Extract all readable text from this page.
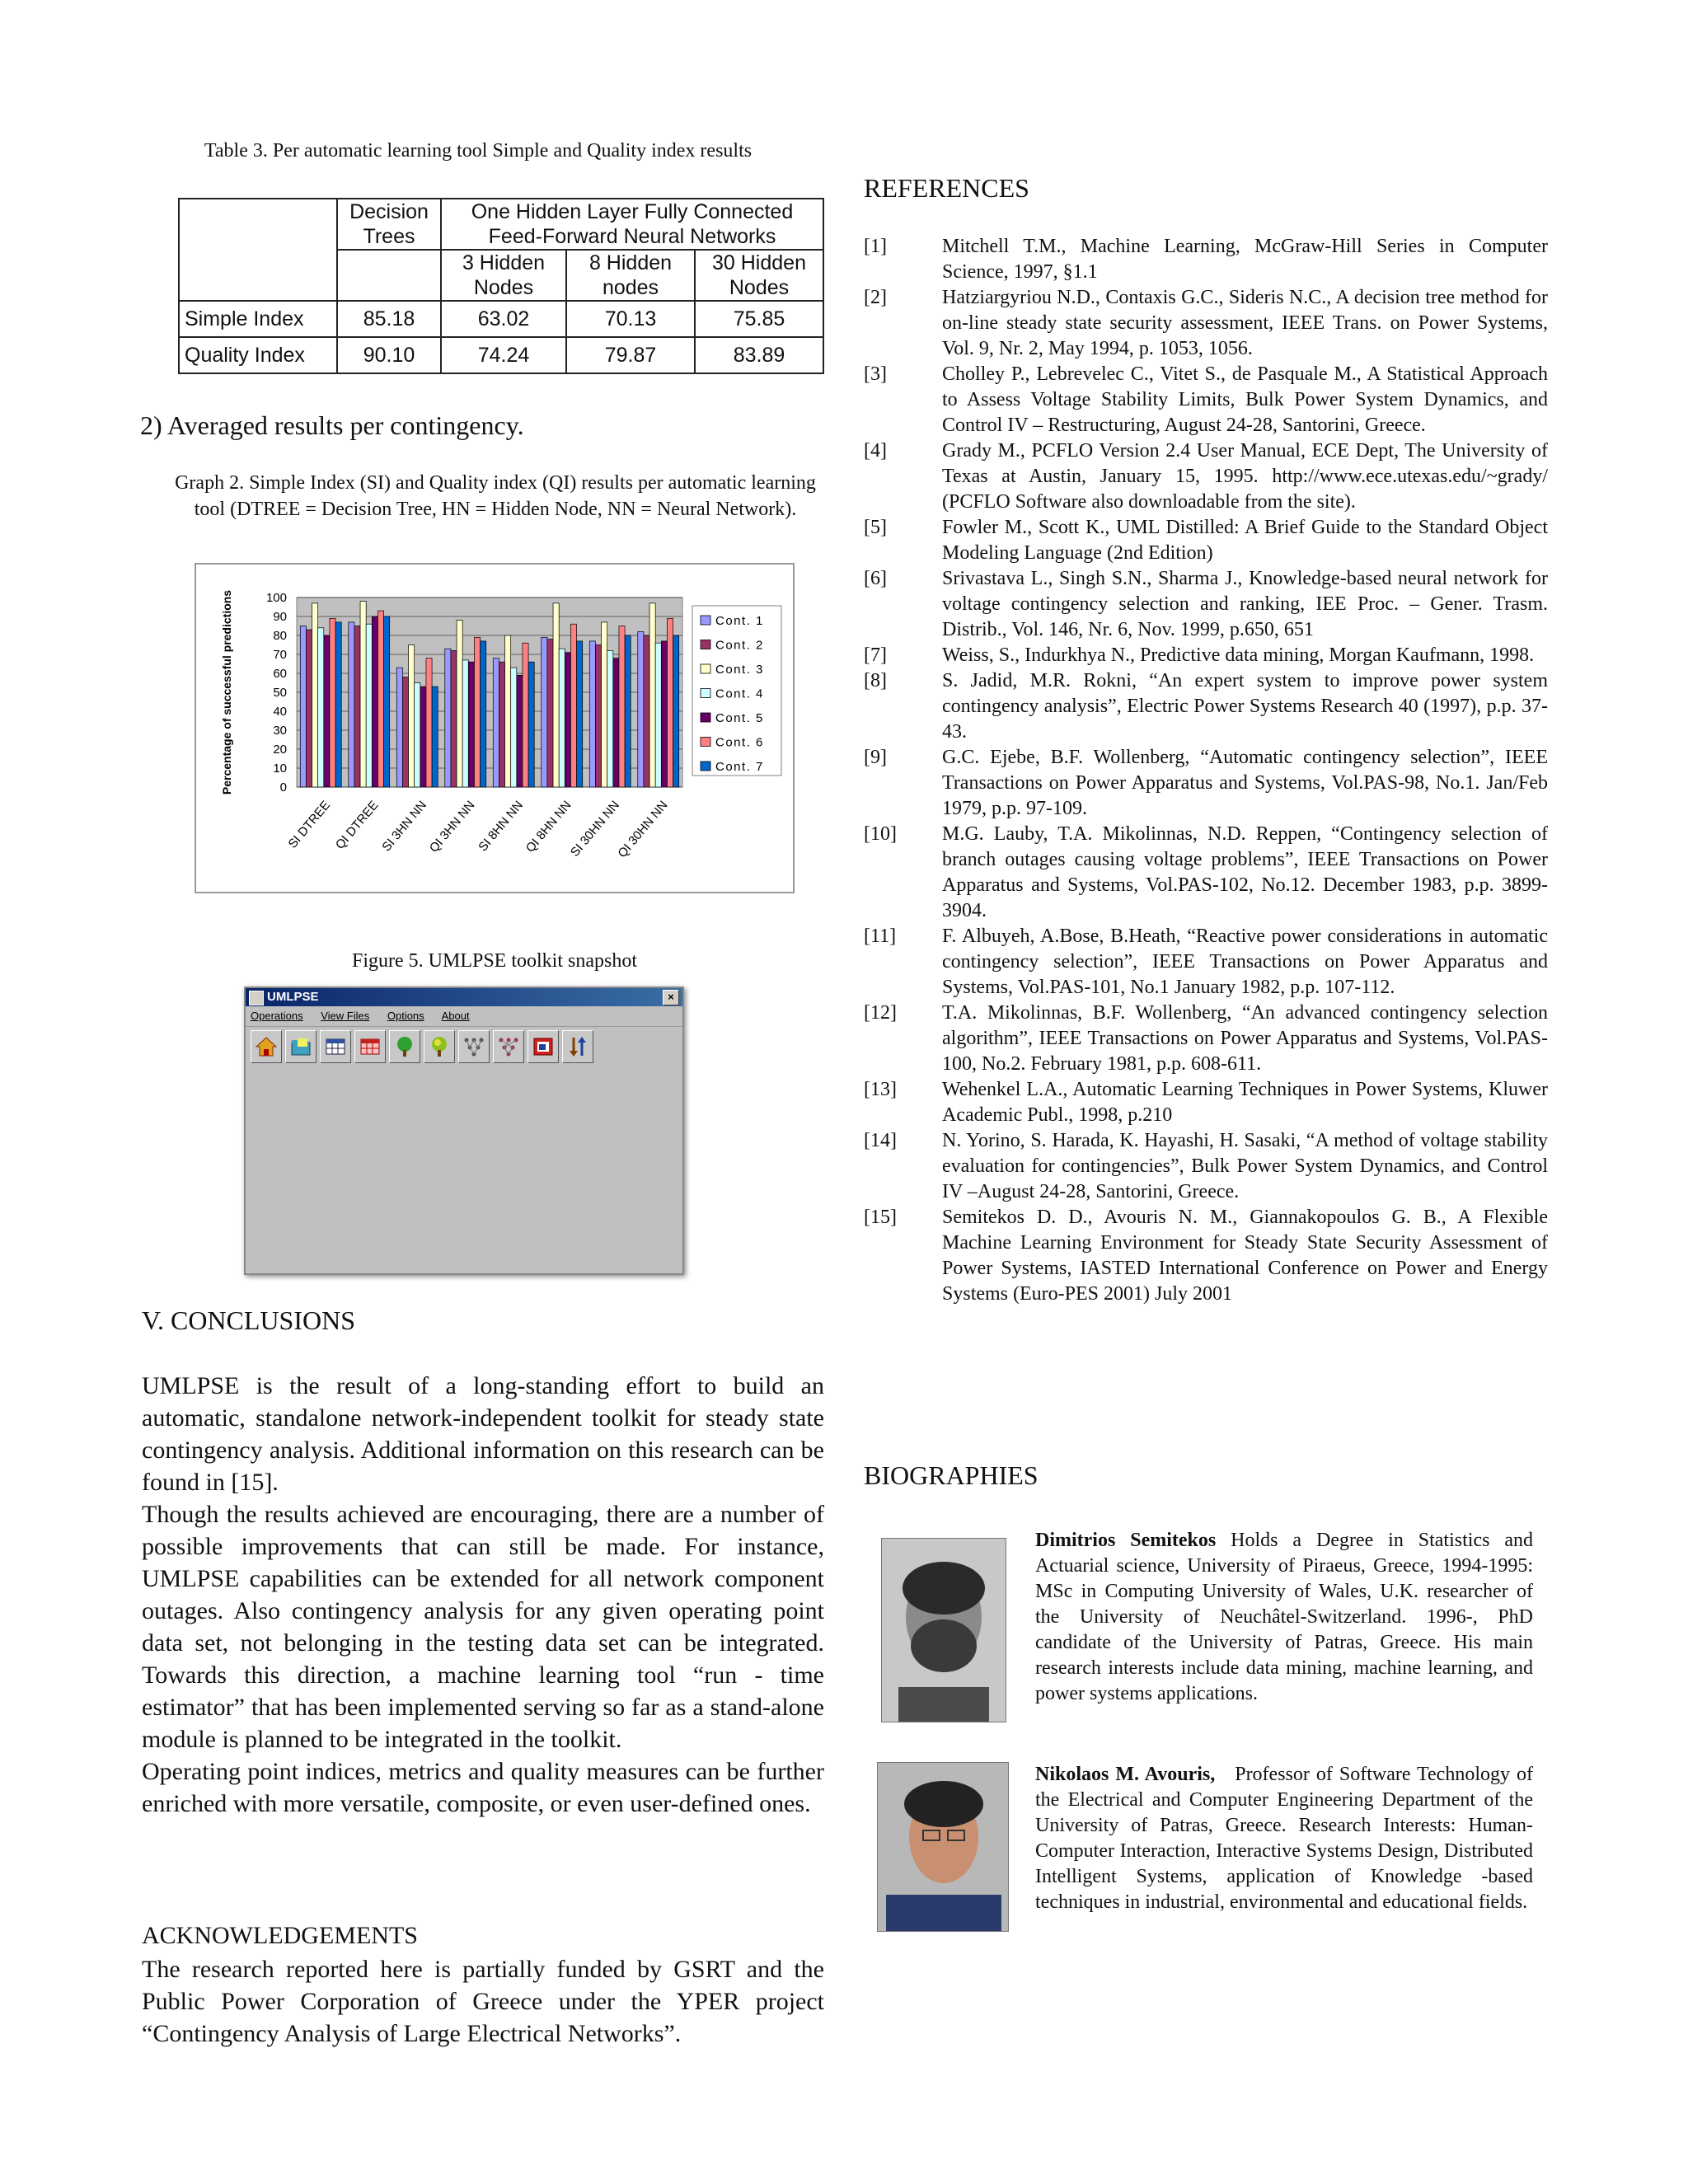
Table 3. Per automatic learning tool Simple and Quality index results
	Decision Trees	One Hidden Layer Fully Connected Feed-Forward Neural Networks		
		3 Hidden Nodes	8 Hidden nodes	30 Hidden Nodes
Simple Index	85.18	63.02	70.13	75.85
Quality Index	90.10	74.24	79.87	83.89
2) Averaged results per contingency.
Graph 2. Simple Index (SI) and Quality index (QI) results per automatic learning tool (DTREE = Decision Tree, HN = Hidden Node, NN = Neural Network).
100
90
80
70
60
50
40
30
20
10
0
Percentage of successful predictions
SI DTREE QI DTREE
SI 3HN NN
QI 3HN NN
SI 8HN NN
QI 8HN NN
SI 30HN NN
QI 30HN NN
Cont. 1
Cont. 2
Cont. 3
Cont. 4
Cont. 5
Cont. 6
Cont. 7
Figure 5. UMLPSE toolkit snapshot
UMLPSE	×
Operations View Files Options About
V. CONCLUSIONS

UMLPSE is the result of a long-standing effort to build an automatic, standalone network-independent toolkit for steady state contingency analysis. Additional information on this research can be found in [15].

Though the results achieved are encouraging, there are a number of possible improvements that can still be made. For instance, UMLPSE capabilities can be extended for all network component outages. Also contingency analysis for any given operating point data set, not belonging in the testing data set can be integrated. Towards this direction, a machine learning tool “run - time estimator” that has been implemented serving so far as a stand-alone module is planned to be integrated in the toolkit.

Operating point indices, metrics and quality measures can be further enriched with more versatile, composite, or even user-defined ones.

ACKNOWLEDGEMENTS
The research reported here is partially funded by GSRT and the Public Power Corporation of Greece under the YPER project “Contingency Analysis of Large Electrical Networks”.
REFERENCES
[1]	Mitchell T.M., Machine Learning, McGraw-Hill Series in Computer Science, 1997, §1.1
[2]	Hatziargyriou N.D., Contaxis G.C., Sideris N.C., A decision tree method for on-line steady state security assessment, IEEE Trans. on Power Systems, Vol. 9, Nr. 2, May 1994, p. 1053, 1056.
[3]	Cholley P., Lebrevelec C., Vitet S., de Pasquale M., A Statistical Approach to Assess Voltage Stability Limits, Bulk Power System Dynamics, and Control IV – Restructuring, August 24-28, Santorini, Greece.
[4]	Grady M., PCFLO Version 2.4 User Manual, ECE Dept, The University of Texas at Austin, January 15, 1995. http://www.ece.utexas.edu/~grady/ (PCFLO Software also downloadable from the site).
[5]	Fowler M., Scott K., UML Distilled: A Brief Guide to the Standard Object Modeling Language (2nd Edition)
[6]	Srivastava L., Singh S.N., Sharma J., Knowledge-based neural network for voltage contingency selection and ranking, IEE Proc. – Gener. Trasm. Distrib., Vol. 146, Nr. 6, Nov. 1999, p.650, 651
[7]	Weiss, S., Indurkhya N., Predictive data mining, Morgan Kaufmann, 1998.
[8]	S. Jadid, M.R. Rokni, “An expert system to improve power system contingency analysis”, Electric Power Systems Research 40 (1997), p.p. 37-43.
[9]	G.C. Ejebe, B.F. Wollenberg, “Automatic contingency selection”, IEEE Transactions on Power Apparatus and Systems, Vol.PAS-98, No.1. Jan/Feb 1979, p.p. 97-109.
[10]	M.G. Lauby, T.A. Mikolinnas, N.D. Reppen, “Contingency selection of branch outages causing voltage problems”, IEEE Transactions on Power Apparatus and Systems, Vol.PAS-102, No.12. December 1983, p.p. 3899-3904.
[11]	F. Albuyeh, A.Bose, B.Heath, “Reactive power considerations in automatic contingency selection”, IEEE Transactions on Power Apparatus and Systems, Vol.PAS-101, No.1 January 1982, p.p. 107-112.
[12]	T.A. Mikolinnas, B.F. Wollenberg, “An advanced contingency selection algorithm”, IEEE Transactions on Power Apparatus and Systems, Vol.PAS-100, No.2. February 1981, p.p. 608-611.
[13]	Wehenkel L.A., Automatic Learning Techniques in Power Systems, Kluwer Academic Publ., 1998, p.210
[14]	N. Yorino, S. Harada, K. Hayashi, H. Sasaki, “A method of voltage stability evaluation for contingencies”, Bulk Power System Dynamics, and Control IV –August 24-28, Santorini, Greece.
[15]	Semitekos D. D., Avouris N. M., Giannakopoulos G. B., A Flexible Machine Learning Environment for Steady State Security Assessment of Power Systems, IASTED International Conference on Power and Energy Systems (Euro-PES 2001) July 2001
BIOGRAPHIES
Dimitrios Semitekos Holds a Degree in Statistics and Actuarial science, University of Piraeus, Greece, 1994-1995: MSc in Computing University of Wales, U.K. researcher of the University of Neuchâtel-Switzerland. 1996-, PhD candidate of the University of Patras, Greece. His main research interests include data mining, machine learning, and power systems applications.
Nikolaos M. Avouris, Professor of Software Technology of the Electrical and Computer Engineering Department of the University of Patras, Greece. Research Interests: Human-Computer Interaction, Interactive Systems Design, Distributed Intelligent Systems, application of Knowledge -based techniques in industrial, environmental and educational fields.
